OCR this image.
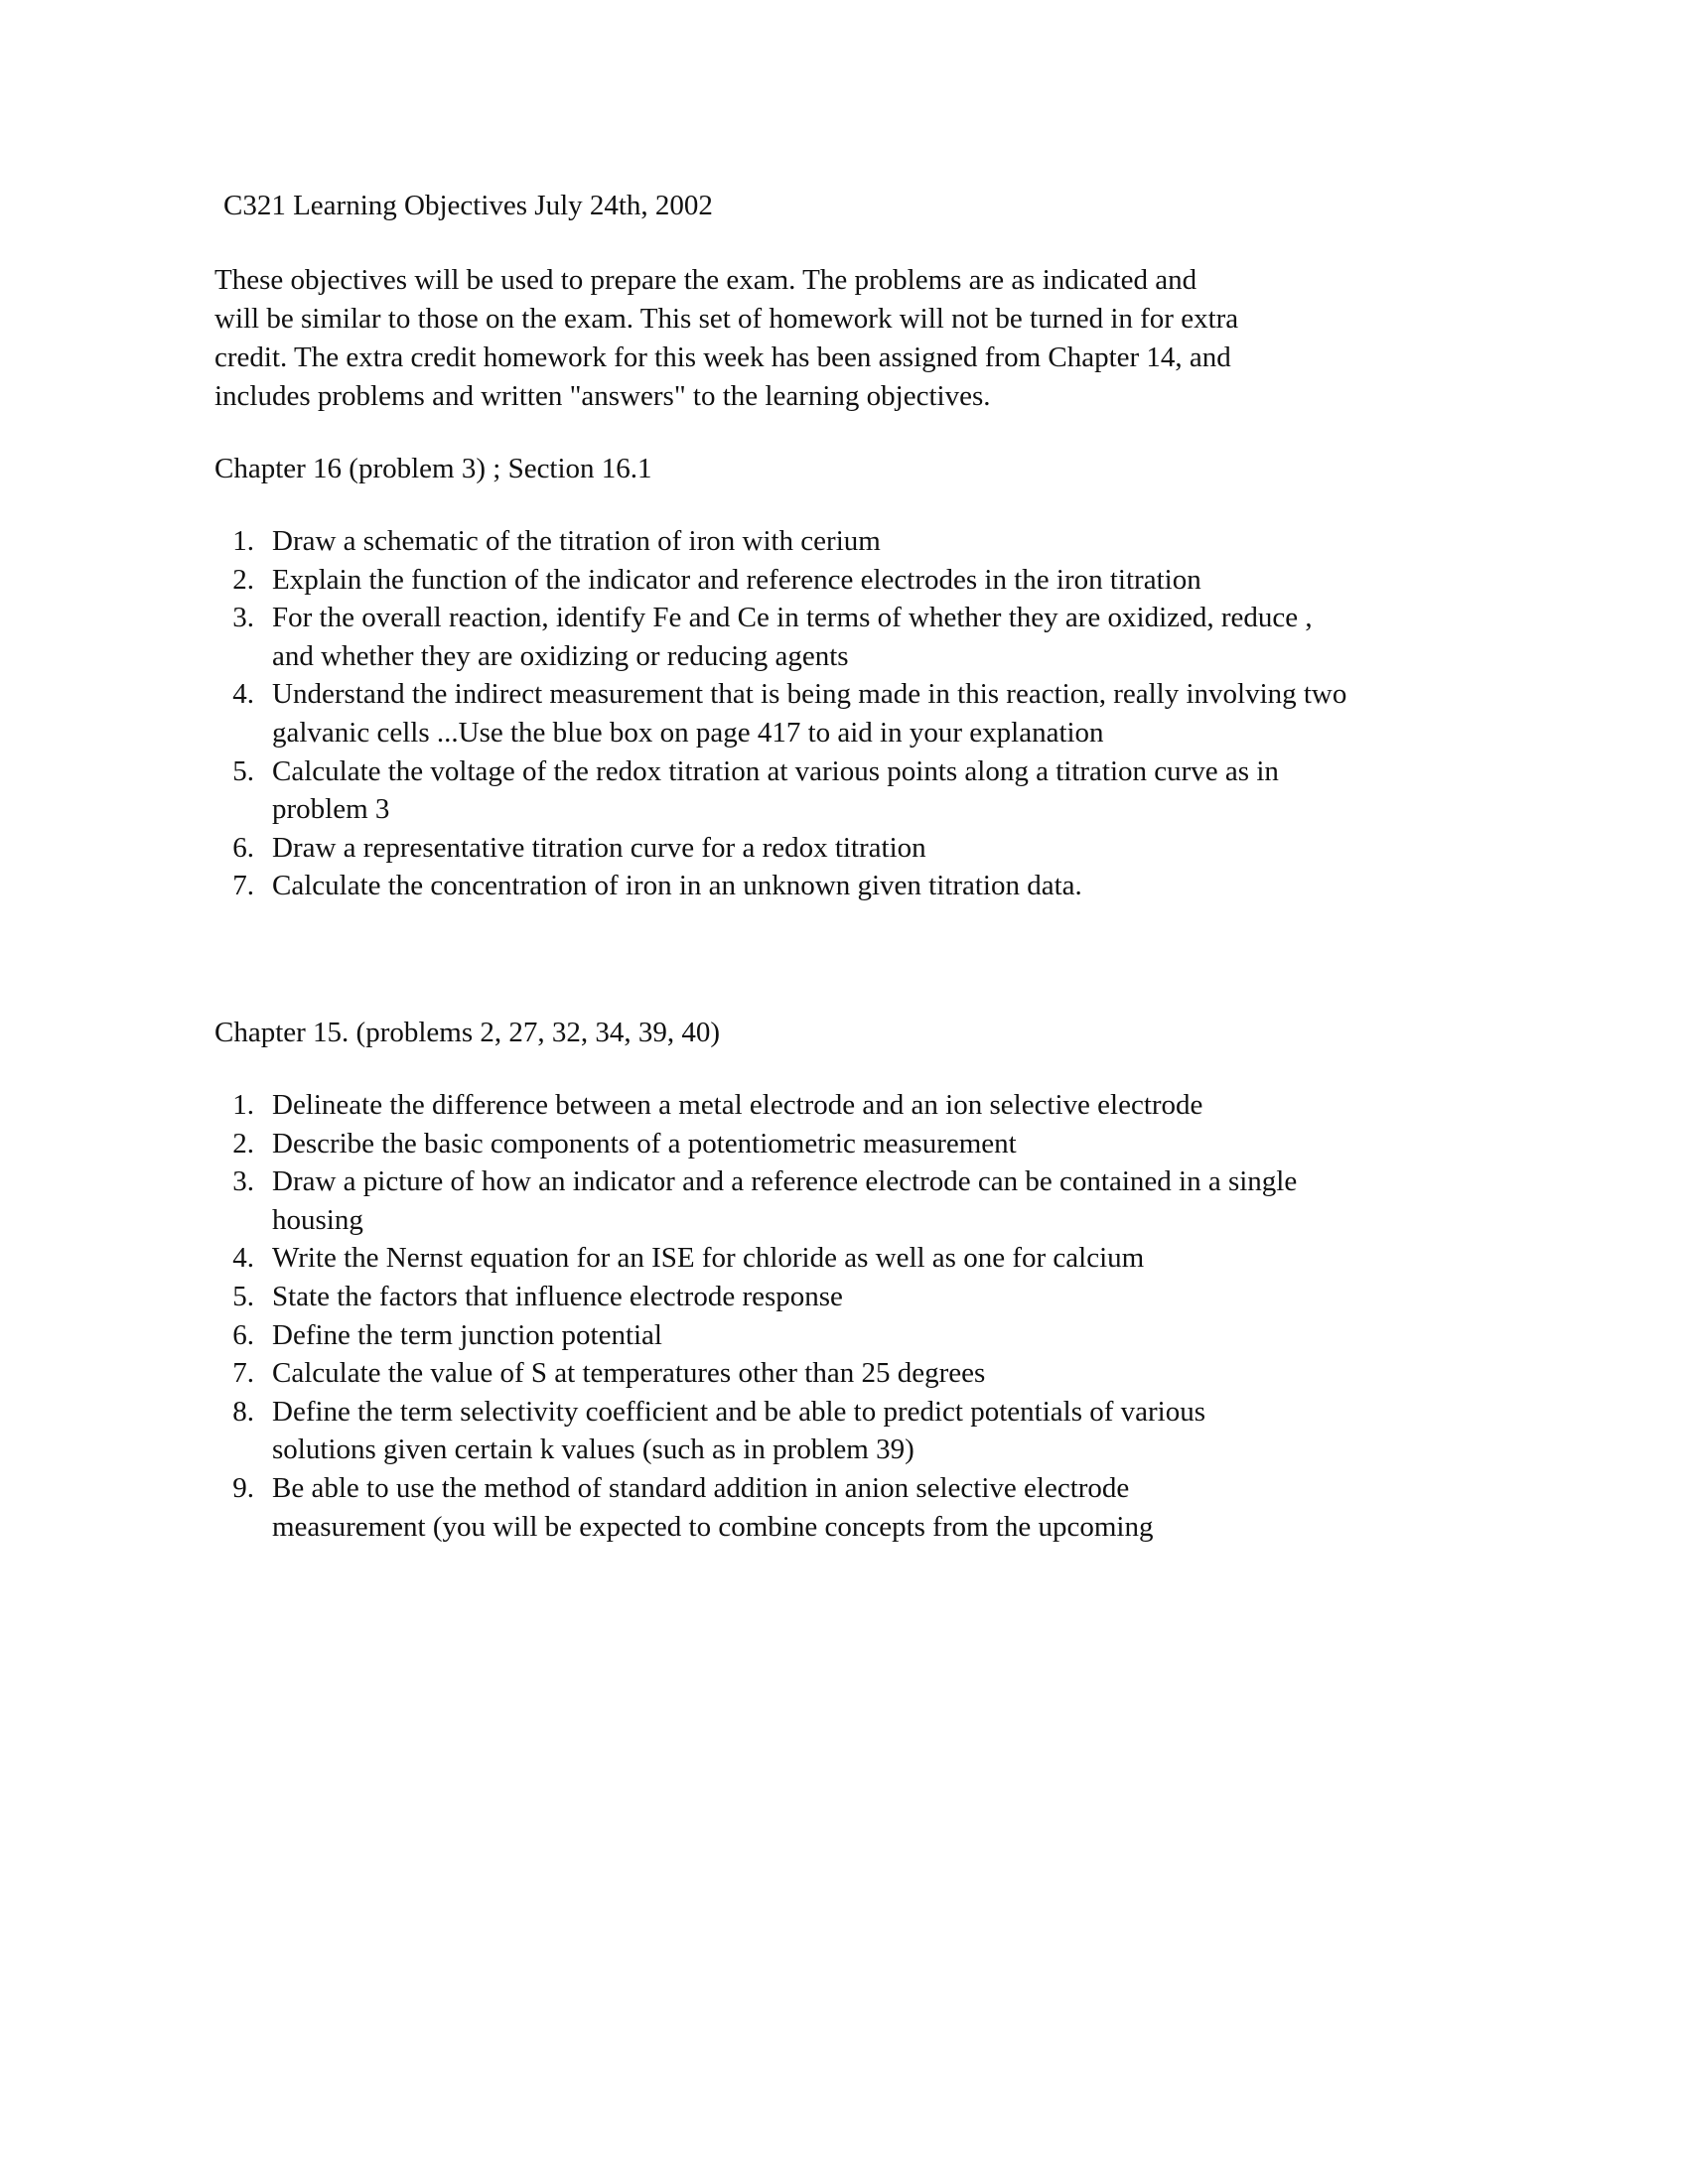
C321 Learning Objectives July 24th, 2002

These objectives will be used to prepare the exam. The problems are as indicated and
will be similar to those on the exam. This set of homework will not be turned in for extra
credit. The extra credit homework for this week has been assigned from Chapter 14, and
includes problems and written "answers" to the learning objectives.

Chapter 16 (problem 3) ; Section 16.1
1. Draw a schematic of the titration of iron with cerium
2. Explain the function of the indicator and reference electrodes in the iron titration
3. For the overall reaction, identify Fe and Ce in terms of whether they are oxidized, reduce ,
and whether they are oxidizing or reducing agents
4. Understand the indirect measurement that is being made in this reaction, really involving two
galvanic cells ...Use the blue box on page 417 to aid in your explanation
5. Calculate the voltage of the redox titration at various points along a titration curve as in
problem 3
6. Draw a representative titration curve for a redox titration
7. Calculate the concentration of iron in an unknown given titration data.
Chapter 15. (problems 2, 27, 32, 34, 39, 40)
1. Delineate the difference between a metal electrode and an ion selective electrode
2. Describe the basic components of a potentiometric measurement
3. Draw a picture of how an indicator and a reference electrode can be contained in a single
housing
4. Write the Nernst equation for an ISE for chloride as well as one for calcium
5. State the factors that influence electrode response
6. Define the term junction potential
7. Calculate the value of S at temperatures other than 25 degrees
8. Define the term selectivity coefficient and be able to predict potentials of various
solutions given certain k values (such as in problem 39)
9. Be able to use the method of standard addition in anion selective electrode
measurement (you will be expected to combine concepts from the upcoming
